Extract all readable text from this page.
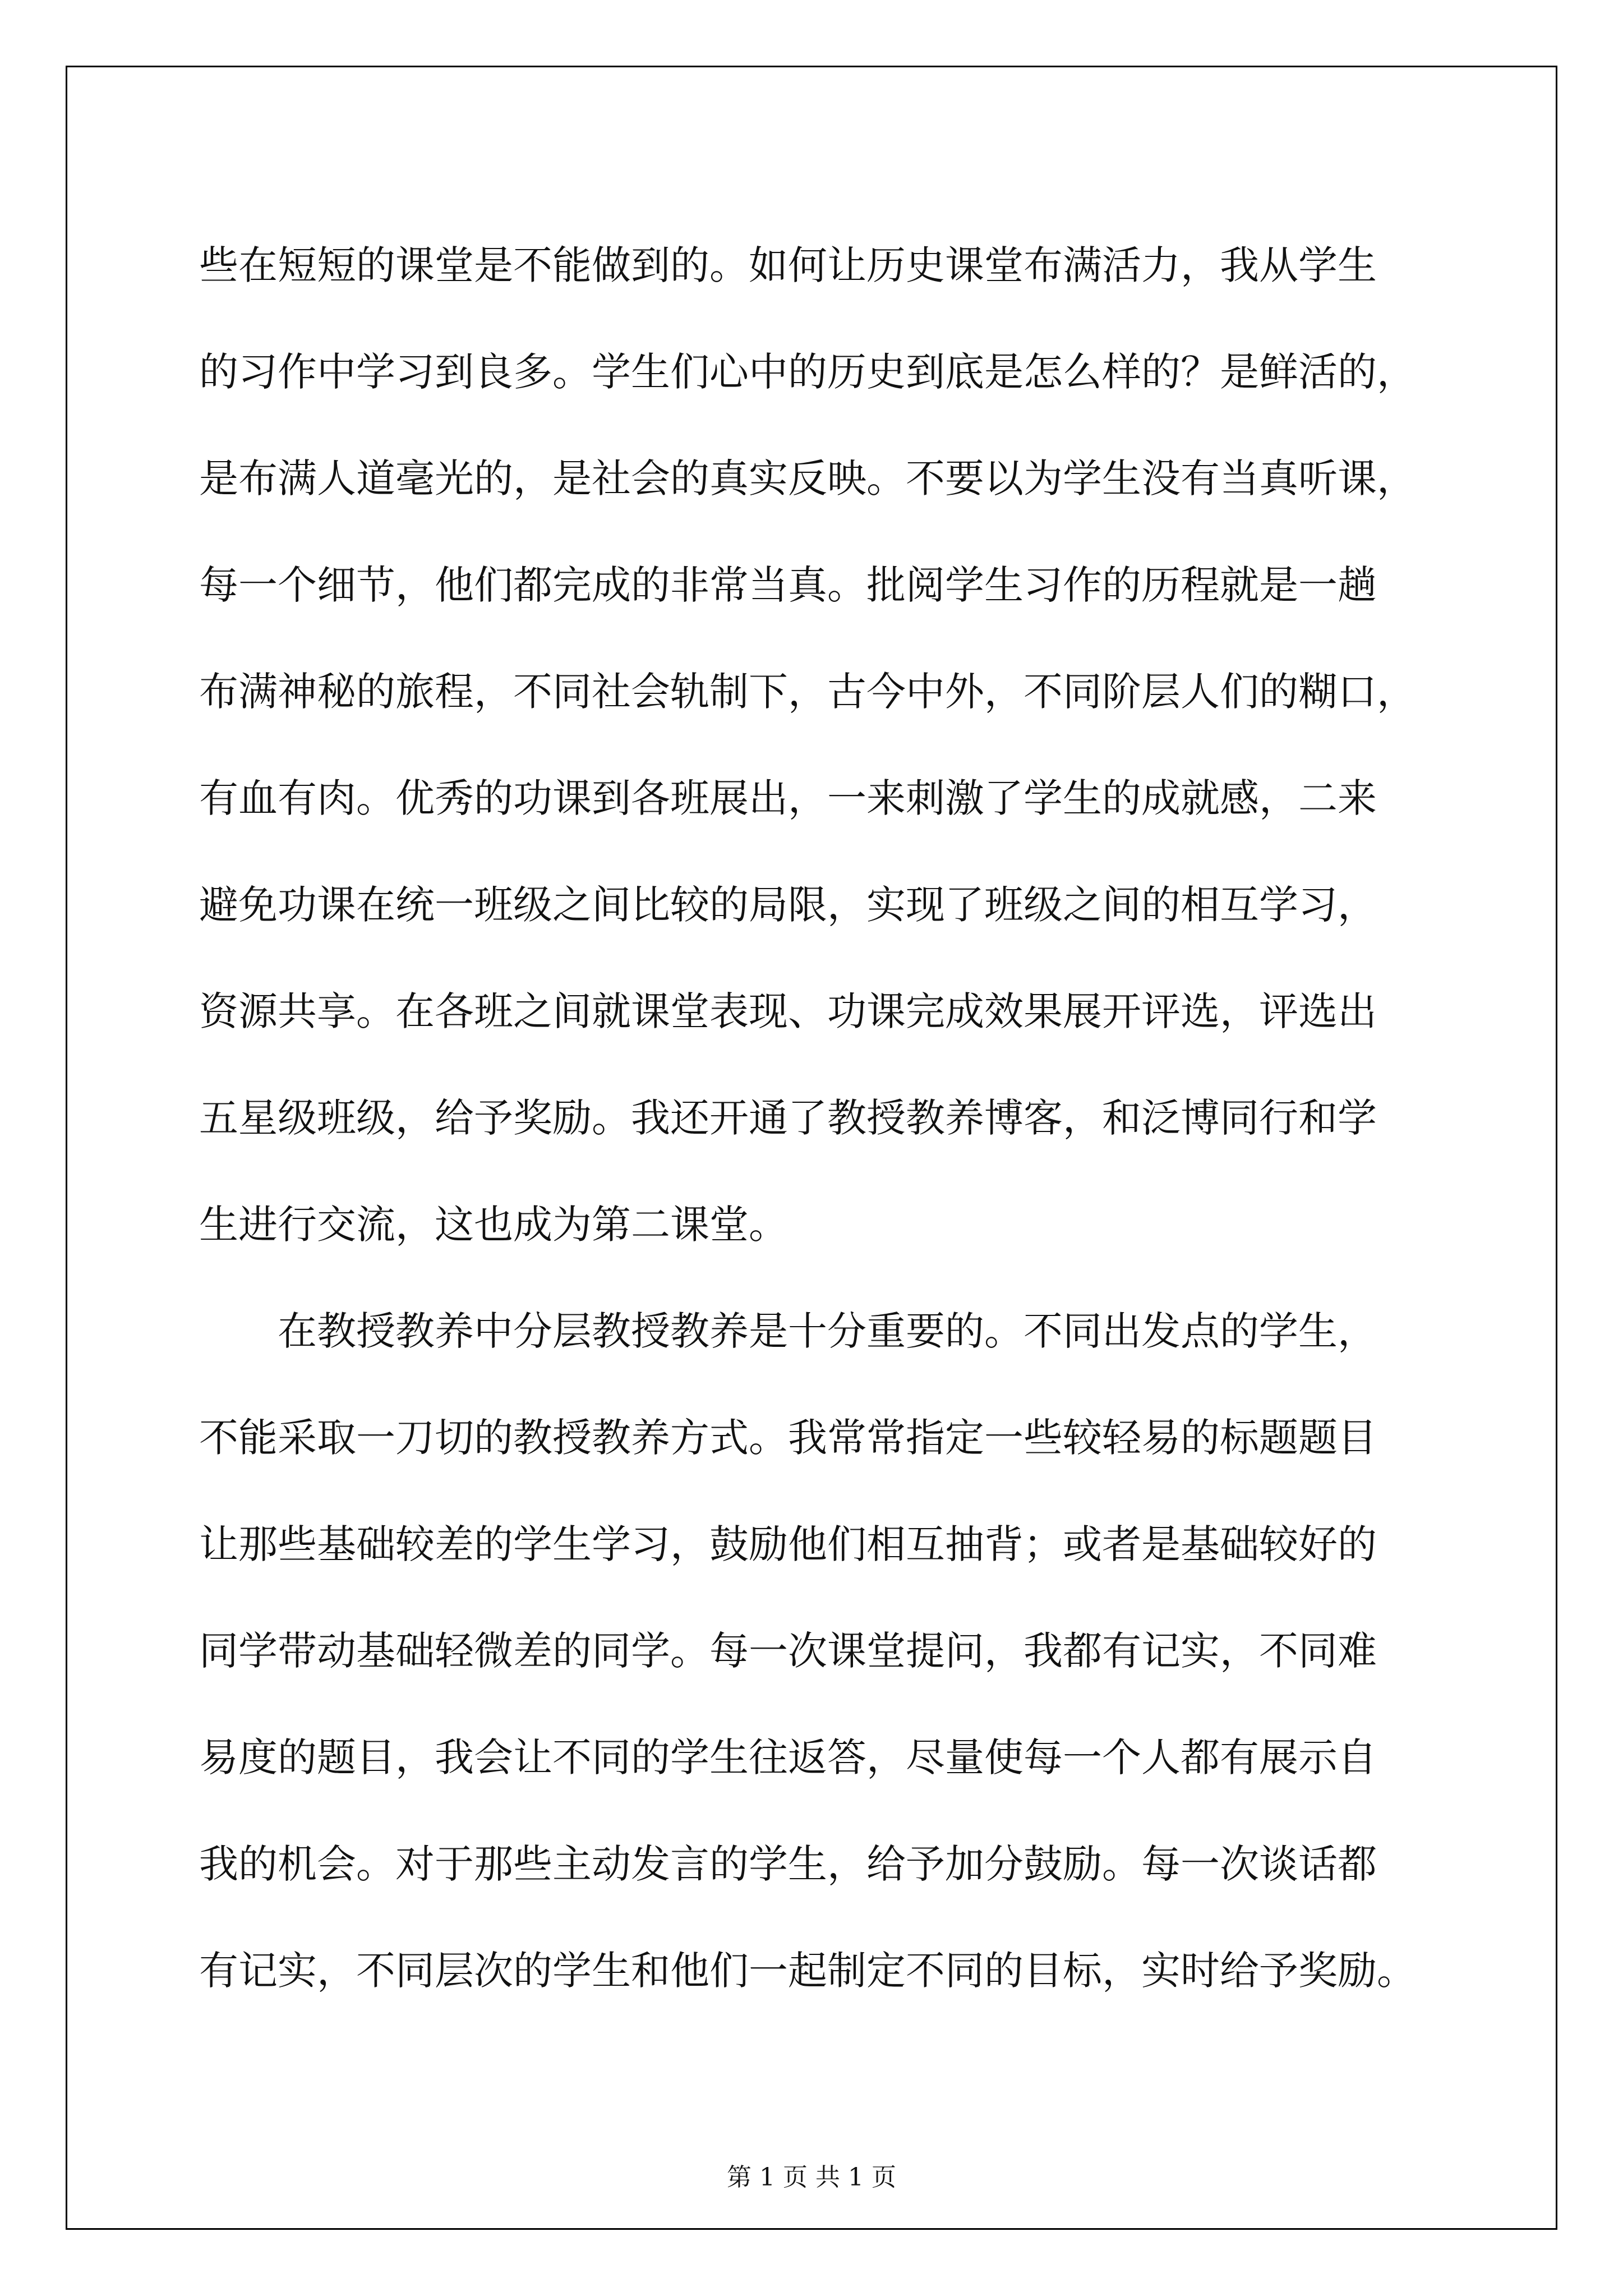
些在短短的课堂是不能做到的。如何让历史课堂布满活力，我从学生
的习作中学习到良多。学生们心中的历史到底是怎么样的？是鲜活的，
是布满人道毫光的，是社会的真实反映。不要以为学生没有当真听课，
每一个细节，他们都完成的非常当真。批阅学生习作的历程就是一趟
布满神秘的旅程，不同社会轨制下，古今中外，不同阶层人们的糊口，
有血有肉。优秀的功课到各班展出，一来刺激了学生的成就感，二来
避免功课在统一班级之间比较的局限，实现了班级之间的相互学习，
资源共享。在各班之间就课堂表现、功课完成效果展开评选，评选出
五星级班级，给予奖励。我还开通了教授教养博客，和泛博同行和学
生进行交流，这也成为第二课堂。
在教授教养中分层教授教养是十分重要的。不同出发点的学生，
不能采取一刀切的教授教养方式。我常常指定一些较轻易的标题题目
让那些基础较差的学生学习，鼓励他们相互抽背；或者是基础较好的
同学带动基础轻微差的同学。每一次课堂提问，我都有记实，不同难
易度的题目，我会让不同的学生往返答，尽量使每一个人都有展示自
我的机会。对于那些主动发言的学生，给予加分鼓励。每一次谈话都
有记实，不同层次的学生和他们一起制定不同的目标，实时给予奖励。
第 1 页 共 1 页
